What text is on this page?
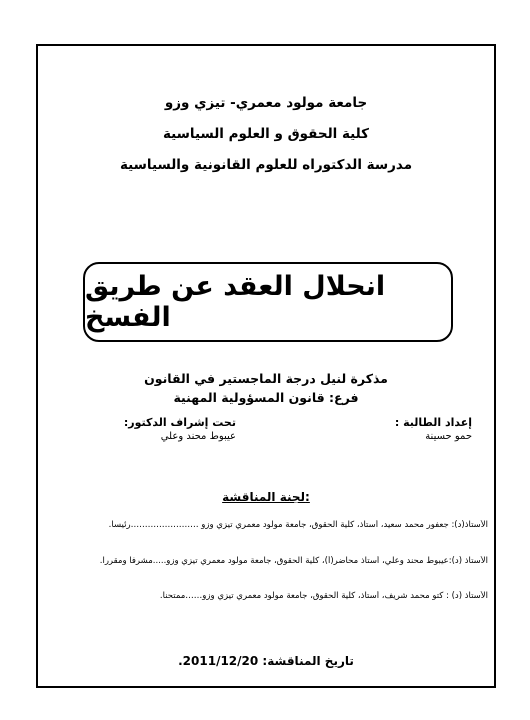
جامعة مولود معمري- تيزي وزو
كلية الحقوق و العلوم السياسية
مدرسة الدكتوراه للعلوم القانونية والسياسية
انحلال العقد عن طريق الفسخ
مذكرة لنيل درجة الماجستير في القانون
فرع: قانون المسؤولية المهنية
إعداد الطالبة :
حمو حسينة
تحت إشراف الدكتور:
عيبوط محند وعلي
لجنة المناقشة:
الأستاذ(د): جعفور محمد سعيد، أستاذ، كلية الحقوق، جامعة مولود معمري تيزي وزو ……………………رئيسا.
الأستاذ (د):عيبوط محند وعلي، أستاذ محاضر(أ)، كلية الحقوق، جامعة مولود معمري تيزي وزو.....مشرفا ومقررا.
الأستاذ (د) : كتو محمد شريف، أستاذ، كلية الحقوق، جامعة مولود معمري تيزي وزو……ممتحنا.
تاريخ المناقشة: 2011/12/20.
